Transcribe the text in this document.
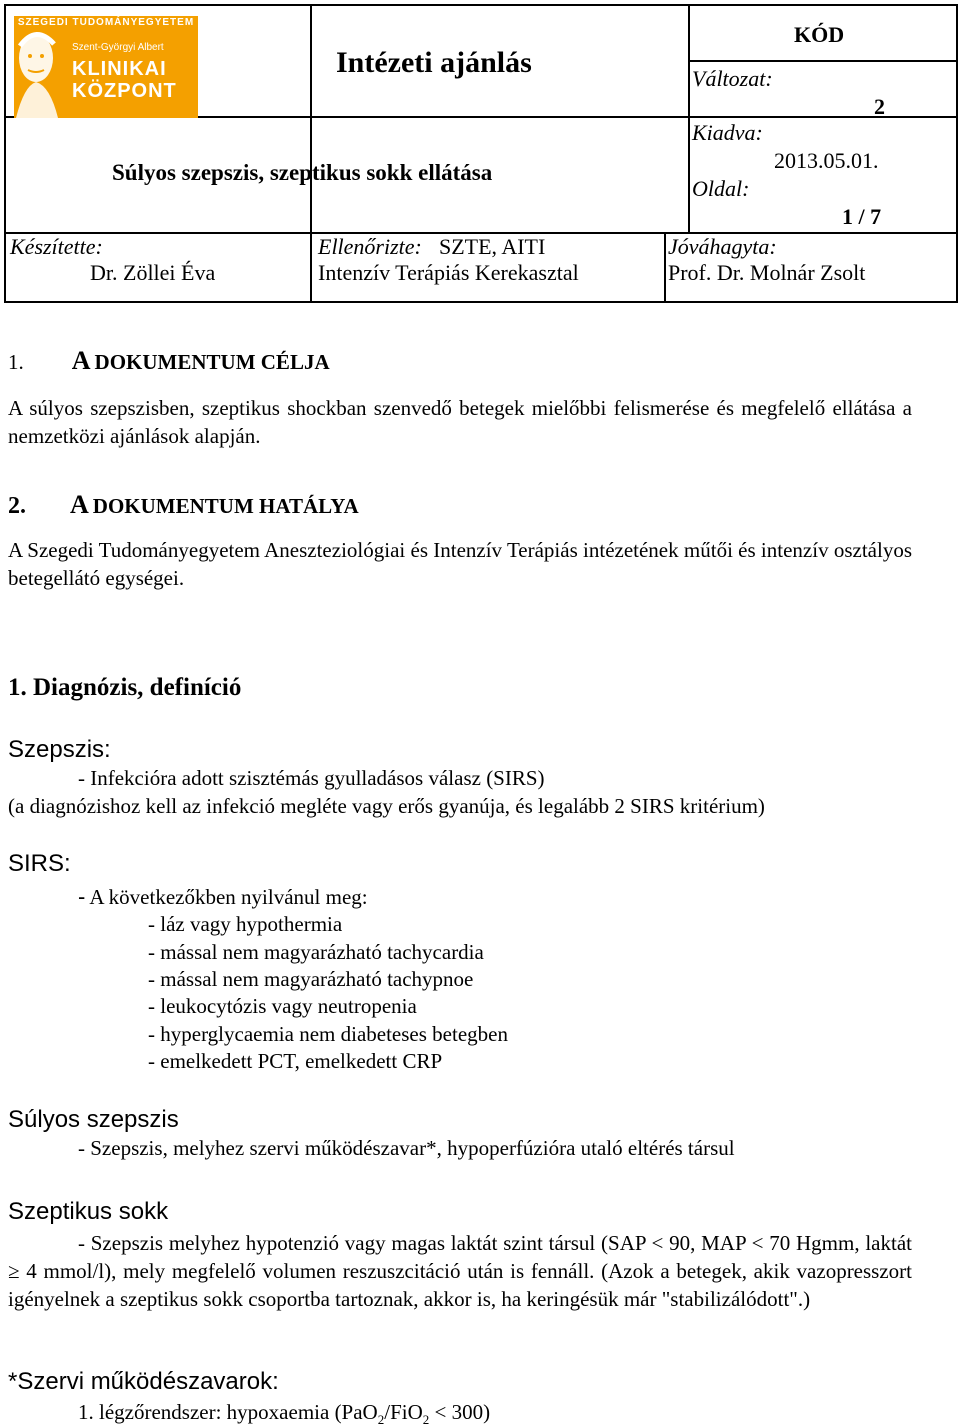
SZEGEDI TUDOMÁNYEGYETEM
Szent-Györgyi Albert
KLINIKAI
KÖZPONT
Intézeti ajánlás
Súlyos szepszis, szeptikus sokk ellátása
KÓD
Változat:
2
Kiadva:
2013.05.01.
Oldal:
1 / 7
Készítette:
Dr. Zöllei Éva
Ellenőrizte: SZTE, AITI
Intenzív Terápiás Kerekasztal
Jóváhagyta:
Prof. Dr. Molnár Zsolt
1. A DOKUMENTUM CÉLJA
A súlyos szepszisben, szeptikus shockban szenvedő betegek mielőbbi felismerése és megfelelő ellátása a nemzetközi ajánlások alapján.
2. A DOKUMENTUM HATÁLYA
A Szegedi Tudományegyetem Aneszteziológiai és Intenzív Terápiás intézetének műtői és intenzív osztályos betegellátó egységei.
1. Diagnózis, definíció
Szepszis:
- Infekcióra adott szisztémás gyulladásos válasz (SIRS)
(a diagnózishoz kell az infekció megléte vagy erős gyanúja, és legalább 2 SIRS kritérium)
SIRS:
- A következőkben nyilvánul meg:
- láz vagy hypothermia
- mással nem magyarázható tachycardia
- mással nem magyarázható tachypnoe
- leukocytózis vagy neutropenia
- hyperglycaemia nem diabeteses betegben
- emelkedett PCT, emelkedett CRP
Súlyos szepszis
- Szepszis, melyhez szervi működészavar*, hypoperfúzióra utaló eltérés társul
Szeptikus sokk
- Szepszis melyhez hypotenzió vagy magas laktát szint társul (SAP < 90, MAP < 70 Hgmm, laktát ≥ 4 mmol/l), mely megfelelő volumen reszuszcitáció után is fennáll. (Azok a betegek, akik vazopresszort igényelnek a szeptikus sokk csoportba tartoznak, akkor is, ha keringésük már "stabilizálódott".)
*Szervi működészavarok:
1. légzőrendszer: hypoxaemia (PaO$_2$/FiO$_2$ < 300)
